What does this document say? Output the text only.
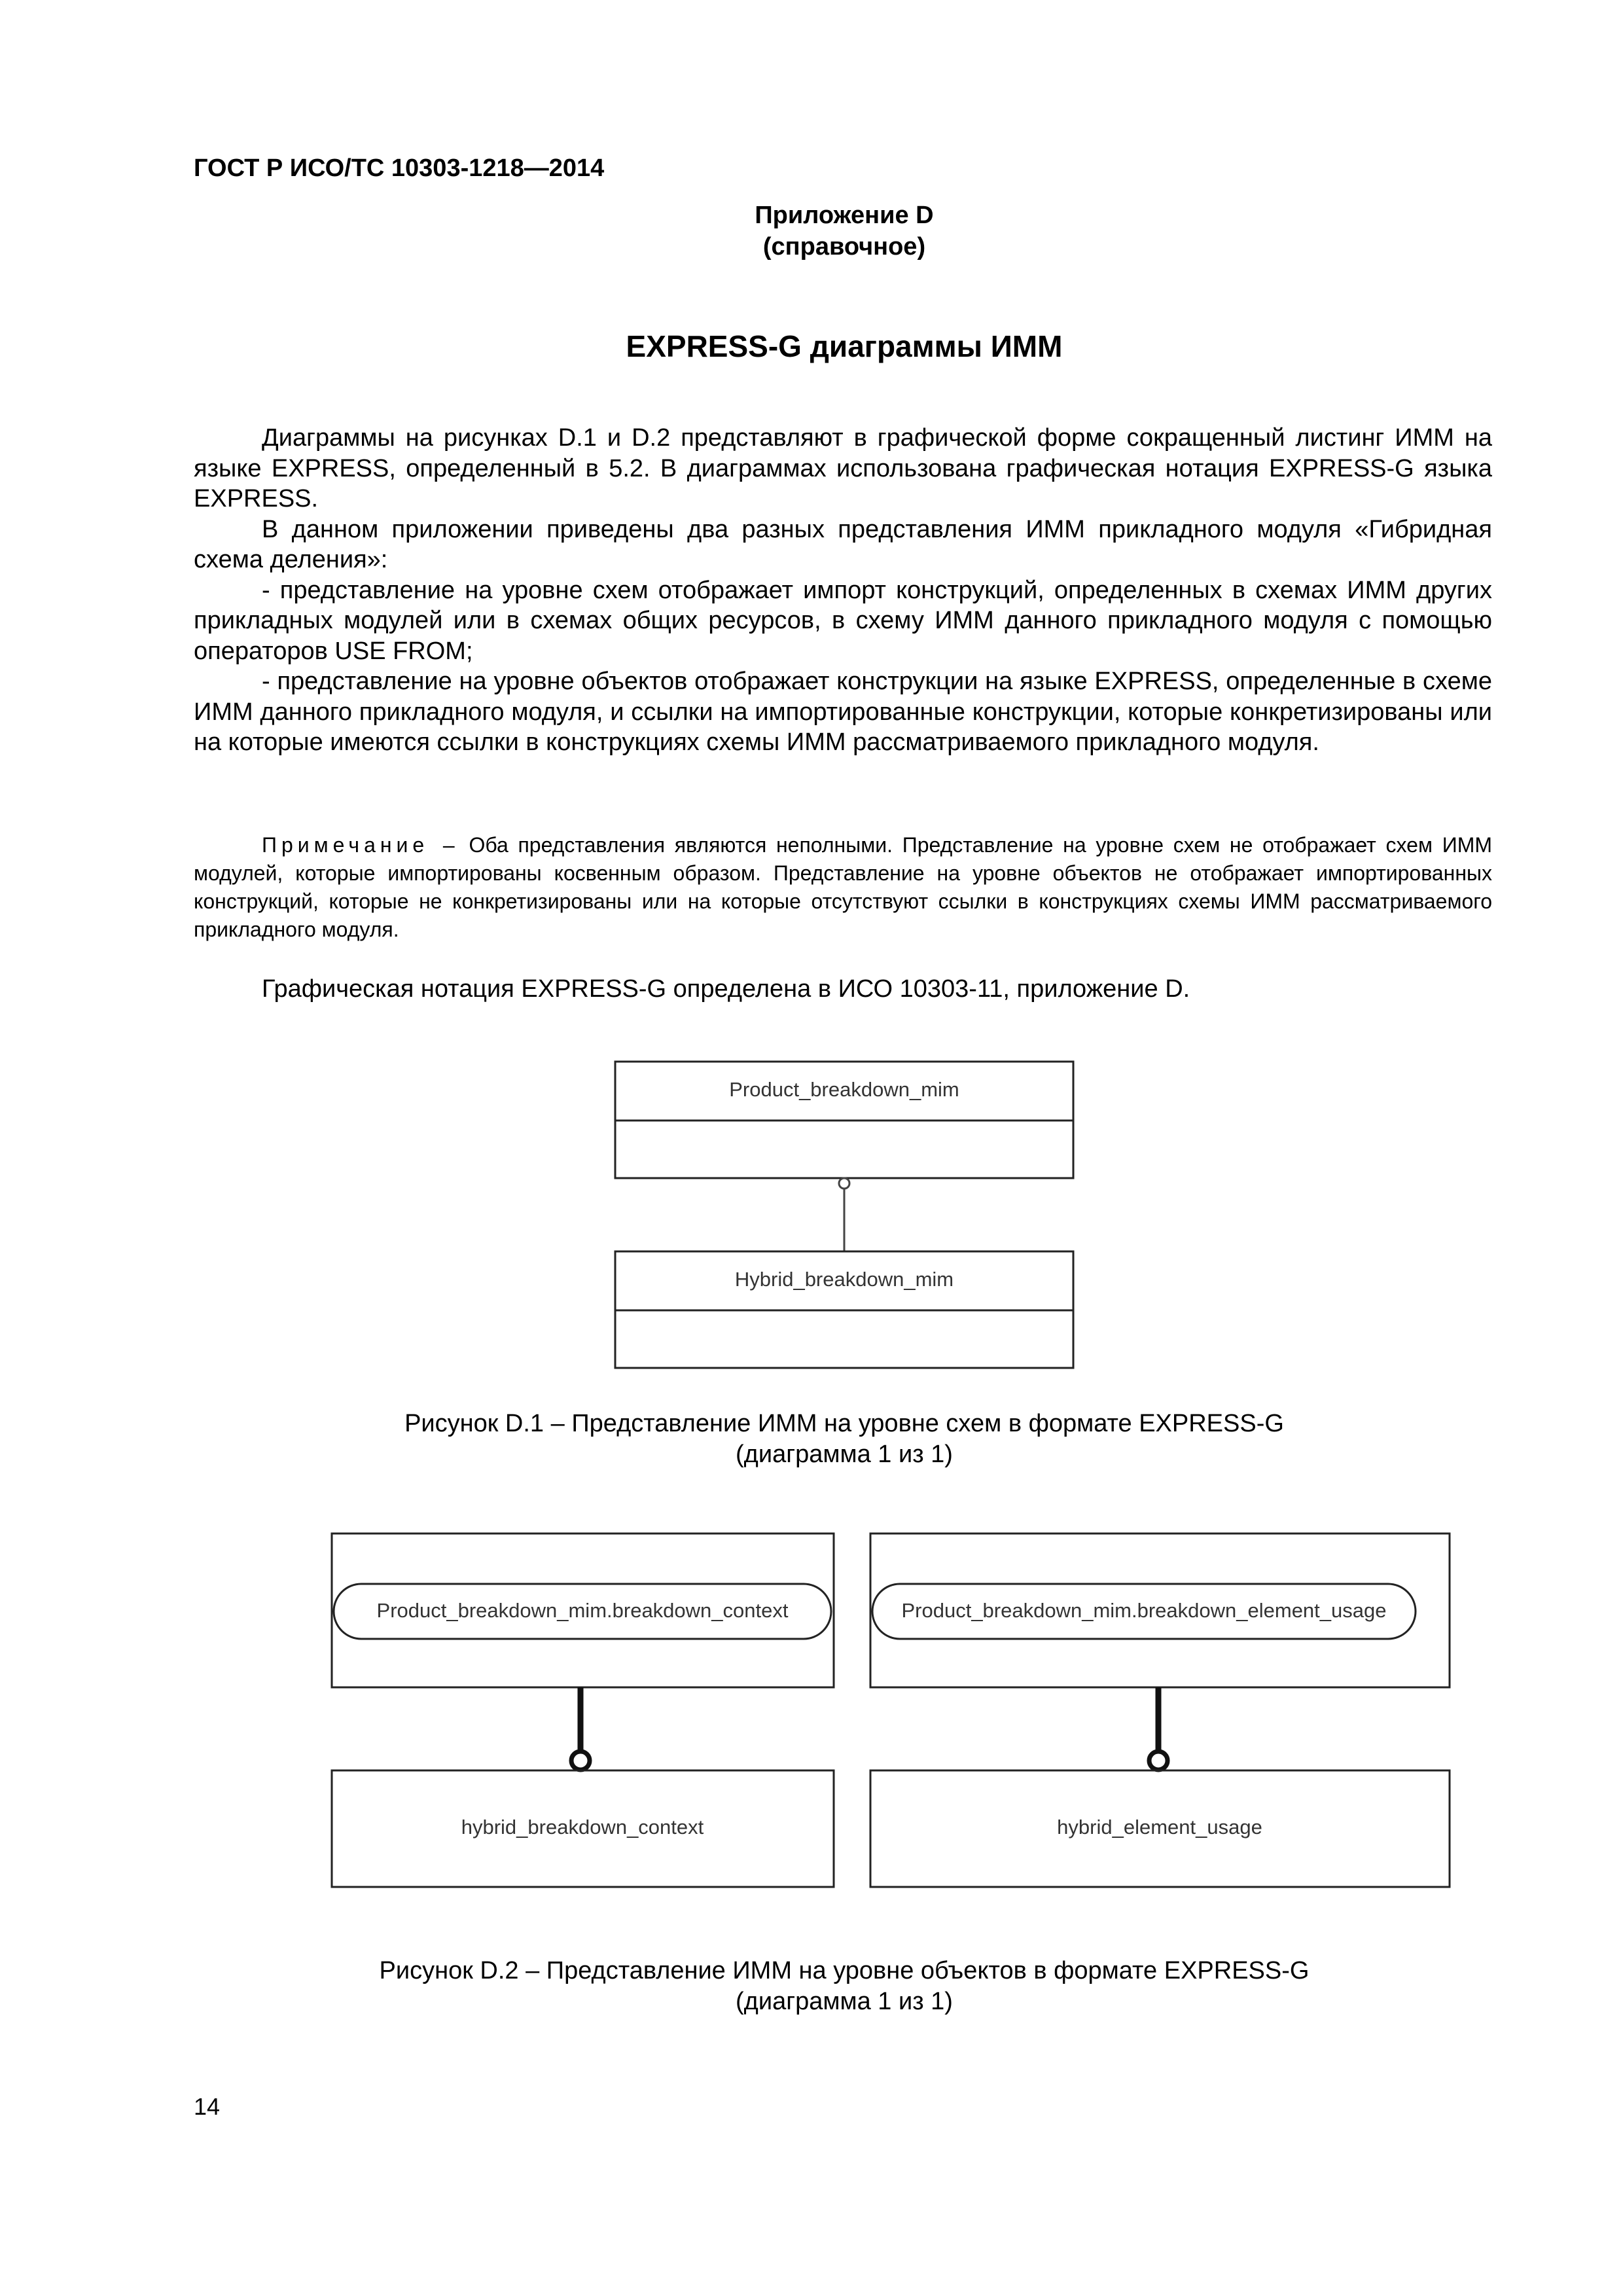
ГОСТ Р ИСО/ТС 10303-1218—2014
Приложение D
(справочное)
EXPRESS-G диаграммы ИММ

Диаграммы на рисунках D.1 и D.2 представляют в графической форме сокращенный листинг ИММ на языке EXPRESS, определенный в 5.2. В диаграммах использована графическая нотация EXPRESS-G языка EXPRESS.

В данном приложении приведены два разных представления ИММ прикладного модуля «Гибридная схема деления»:

- представление на уровне схем отображает импорт конструкций, определенных в схемах ИММ других прикладных модулей или в схемах общих ресурсов, в схему ИММ данного прикладного модуля с помощью операторов USE FROM;

- представление на уровне объектов отображает конструкции на языке EXPRESS, определенные в схеме ИММ данного прикладного модуля, и ссылки на импортированные конструкции, которые конкретизированы или на которые имеются ссылки в конструкциях схемы ИММ рассматриваемого прикладного модуля.

Примечание – Оба представления являются неполными. Представление на уровне схем не отображает схем ИММ модулей, которые импортированы косвенным образом. Представление на уровне объектов не отображает импортированных конструкций, которые не конкретизированы или на которые отсутствуют ссылки в конструкциях схемы ИММ рассматриваемого прикладного модуля.

Графическая нотация EXPRESS-G определена в ИСО 10303-11, приложение D.
Product_breakdown_mim
Hybrid_breakdown_mim
Product_breakdown_mim.breakdown_context
hybrid_breakdown_context
Product_breakdown_mim.breakdown_element_usage
hybrid_element_usage
Рисунок D.1 – Представление ИММ на уровне схем в формате EXPRESS-G
(диаграмма 1 из 1)
Рисунок D.2 – Представление ИММ на уровне объектов в формате EXPRESS-G
(диаграмма 1 из 1)
14
